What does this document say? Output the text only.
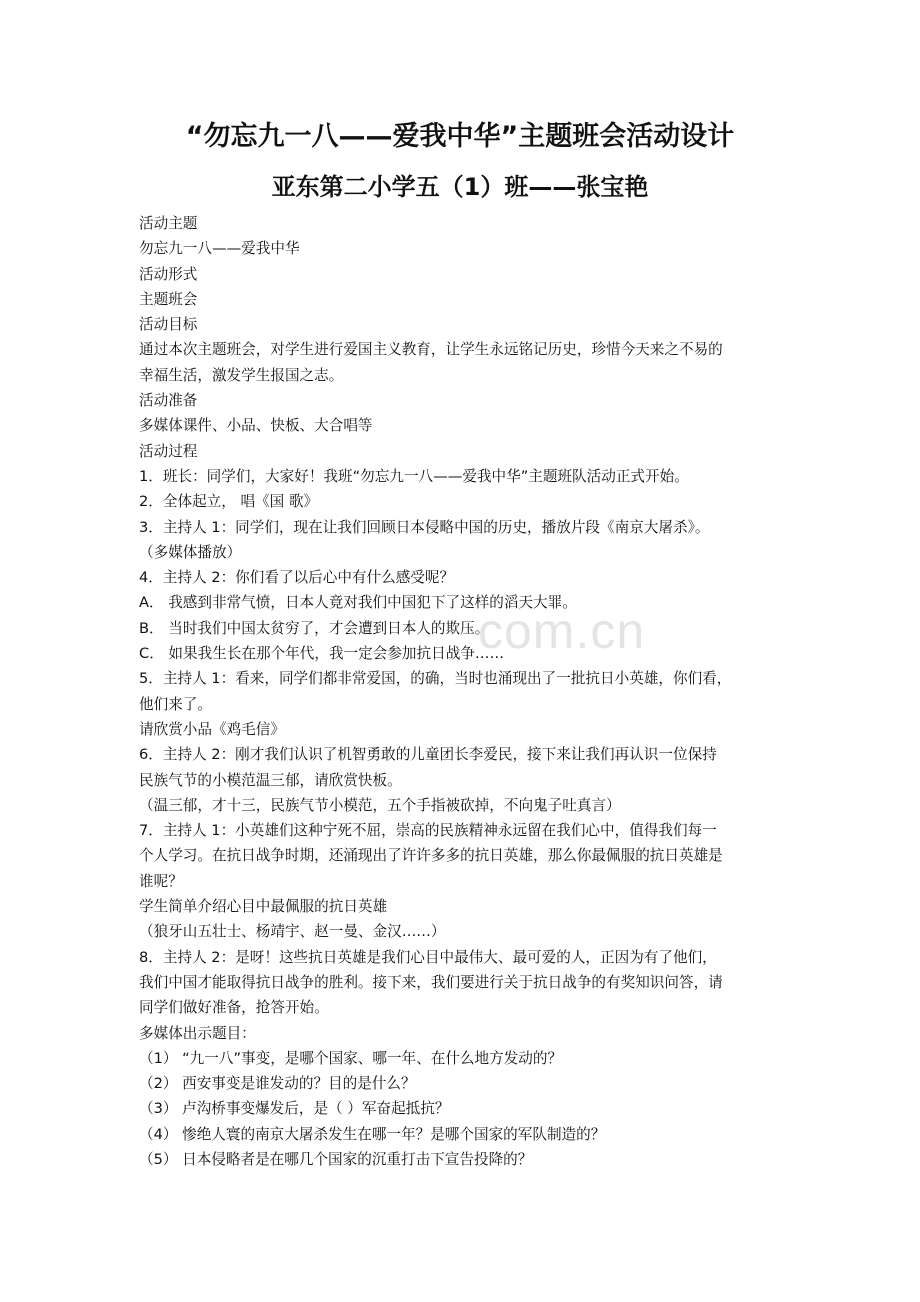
“勿忘九一八——爱我中华”主题班会活动设计
亚东第二小学五（1）班——张宝艳

活动主题

勿忘九一八——爱我中华

活动形式

主题班会

活动目标

通过本次主题班会，对学生进行爱国主义教育，让学生永远铭记历史，珍惜今天来之不易的

幸福生活，激发学生报国之志。

活动准备

多媒体课件、小品、快板、大合唱等

活动过程

1．班长：同学们，大家好！我班“勿忘九一八——爱我中华”主题班队活动正式开始。

2．全体起立， 唱《国 歌》

3．主持人 1：同学们，现在让我们回顾日本侵略中国的历史，播放片段《南京大屠杀》。

（多媒体播放）

4．主持人 2：你们看了以后心中有什么感受呢？

A． 我感到非常气愤，日本人竟对我们中国犯下了这样的滔天大罪。

B． 当时我们中国太贫穷了，才会遭到日本人的欺压。

C． 如果我生长在那个年代，我一定会参加抗日战争……

5．主持人 1：看来，同学们都非常爱国，的确，当时也涌现出了一批抗日小英雄，你们看，

他们来了。

请欣赏小品《鸡毛信》

6．主持人 2：刚才我们认识了机智勇敢的儿童团长李爱民，接下来让我们再认识一位保持

民族气节的小模范温三郁，请欣赏快板。

（温三郁，才十三，民族气节小模范，五个手指被砍掉，不向鬼子吐真言）

7．主持人 1：小英雄们这种宁死不屈，崇高的民族精神永远留在我们心中，值得我们每一

个人学习。在抗日战争时期，还涌现出了许许多多的抗日英雄，那么你最佩服的抗日英雄是

谁呢？

学生简单介绍心目中最佩服的抗日英雄

（狼牙山五壮士、杨靖宇、赵一曼、金汉……）

8．主持人 2：是呀！这些抗日英雄是我们心目中最伟大、最可爱的人，正因为有了他们，

我们中国才能取得抗日战争的胜利。接下来，我们要进行关于抗日战争的有奖知识问答，请

同学们做好准备，抢答开始。

多媒体出示题目：

（1） “九一八”事变，是哪个国家、哪一年、在什么地方发动的？

（2） 西安事变是谁发动的？目的是什么？

（3） 卢沟桥事变爆发后，是（ ）军奋起抵抗？

（4） 惨绝人寰的南京大屠杀发生在哪一年？是哪个国家的军队制造的？

（5） 日本侵略者是在哪几个国家的沉重打击下宣告投降的？

com.cn
